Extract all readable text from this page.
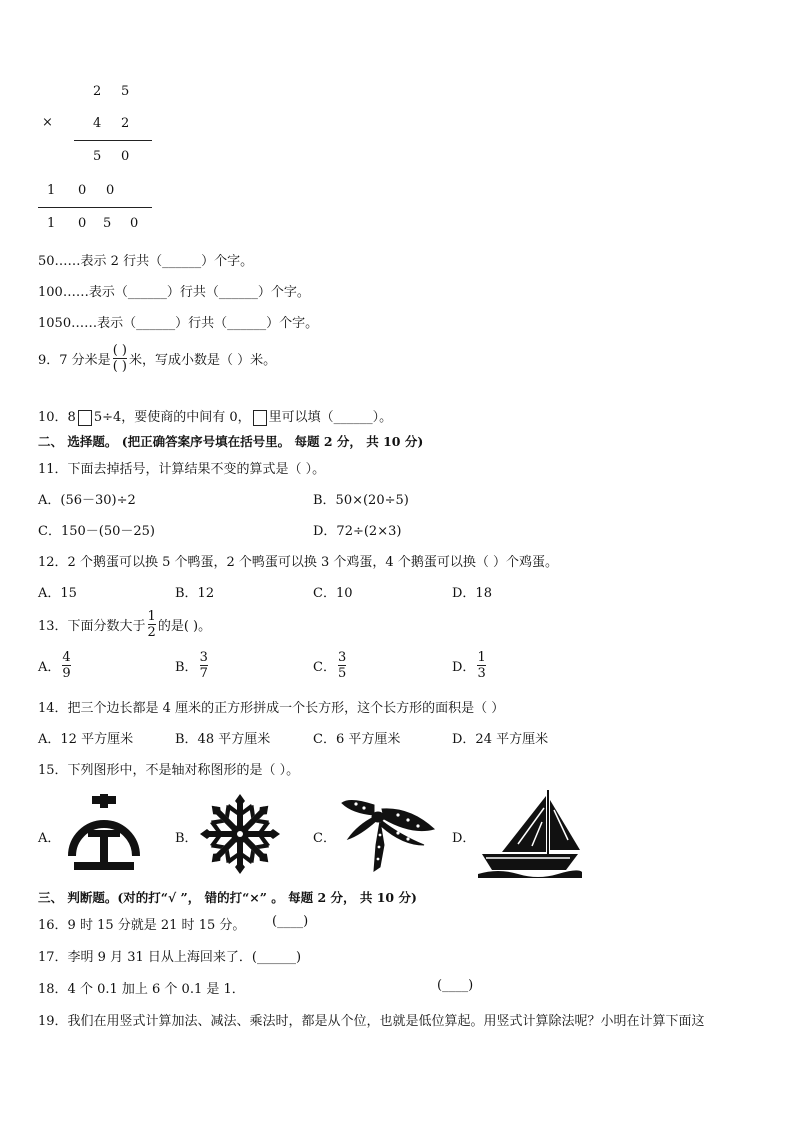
2 5
×	4 2
5 0
1 0 0
1 0 5 0
50……表示 2 行共（______）个字。
100……表示（______）行共（______）个字。
1050……表示（______）行共（______）个字。
9．7 分米是 $\frac{( )}{( )}$ 米，写成小数是（ ）米。
10．8 5÷4，要使商的中间有 0， 里可以填（______）。
二、 选择题。 (把正确答案序号填在括号里。 每题 2 分， 共 10 分)
11．下面去掉括号，计算结果不变的算式是（ ）。
A．(56－30)÷2	B．50×(20÷5)
C．150－(50－25)	D．72÷(2×3)
12．2 个鹅蛋可以换 5 个鸭蛋，2 个鸭蛋可以换 3 个鸡蛋，4 个鹅蛋可以换（ ）个鸡蛋。
A．15	B．12	C．10	D．18
13．下面分数大于 $\frac{1}{2}$ 的是( )。
A． $\frac{4}{9}$	B． $\frac{3}{7}$	C． $\frac{3}{5}$	D． $\frac{1}{3}$
14．把三个边长都是 4 厘米的正方形拼成一个长方形，这个长方形的面积是（ ）
A．12 平方厘米	B．48 平方厘米	C．6 平方厘米	D．24 平方厘米
15．下列图形中，不是轴对称图形的是（ ）。
A．	B．	C．	D．
三、 判断题。(对的打“√ ”， 错的打“×” 。 每题 2 分， 共 10 分)
16．9 时 15 分就是 21 时 15 分。 (____)
17．李明 9 月 31 日从上海回来了．(______)
18．4 个 0.1 加上 6 个 0.1 是 1．	(____)
19．我们在用竖式计算加法、减法、乘法时，都是从个位，也就是低位算起。用竖式计算除法呢？小明在计算下面这
